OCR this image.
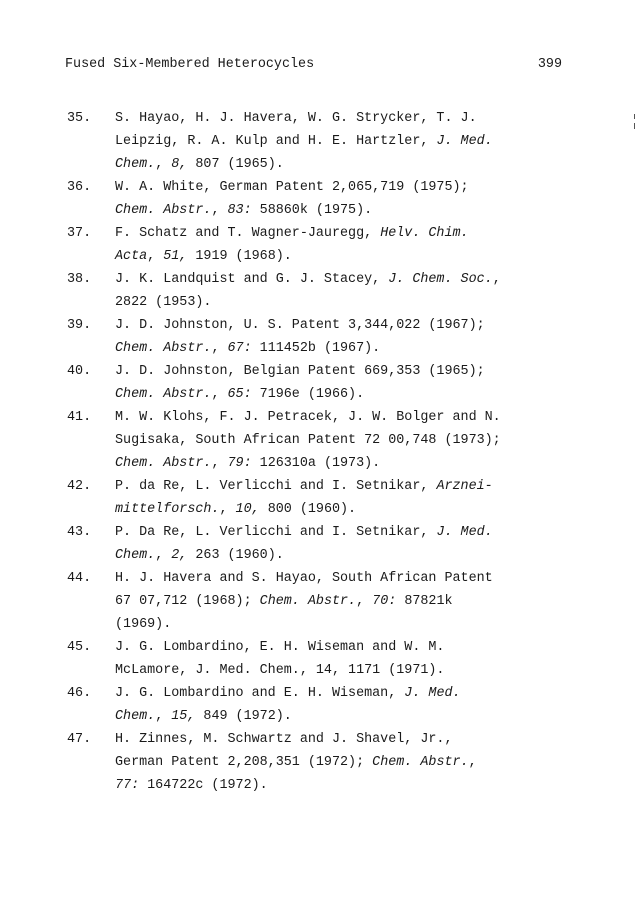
Fused Six-Membered Heterocycles	399
35. S. Hayao, H. J. Havera, W. G. Strycker, T. J.
Leipzig, R. A. Kulp and H. E. Hartzler, J. Med.
Chem., 8, 807 (1965).
36. W. A. White, German Patent 2,065,719 (1975);
Chem. Abstr., 83: 58860k (1975).
37. F. Schatz and T. Wagner-Jauregg, Helv. Chim.
Acta, 51, 1919 (1968).
38. J. K. Landquist and G. J. Stacey, J. Chem. Soc.,
2822 (1953).
39. J. D. Johnston, U. S. Patent 3,344,022 (1967);
Chem. Abstr., 67: 111452b (1967).
40. J. D. Johnston, Belgian Patent 669,353 (1965);
Chem. Abstr., 65: 7196e (1966).
41. M. W. Klohs, F. J. Petracek, J. W. Bolger and N.
Sugisaka, South African Patent 72 00,748 (1973);
Chem. Abstr., 79: 126310a (1973).
42. P. da Re, L. Verlicchi and I. Setnikar, Arznei-
mittelforsch., 10, 800 (1960).
43. P. Da Re, L. Verlicchi and I. Setnikar, J. Med.
Chem., 2, 263 (1960).
44. H. J. Havera and S. Hayao, South African Patent
67 07,712 (1968); Chem. Abstr., 70: 87821k
(1969).
45. J. G. Lombardino, E. H. Wiseman and W. M.
McLamore, J. Med. Chem., 14, 1171 (1971).
46. J. G. Lombardino and E. H. Wiseman, J. Med.
Chem., 15, 849 (1972).
47. H. Zinnes, M. Schwartz and J. Shavel, Jr.,
German Patent 2,208,351 (1972); Chem. Abstr.,
77: 164722c (1972).
